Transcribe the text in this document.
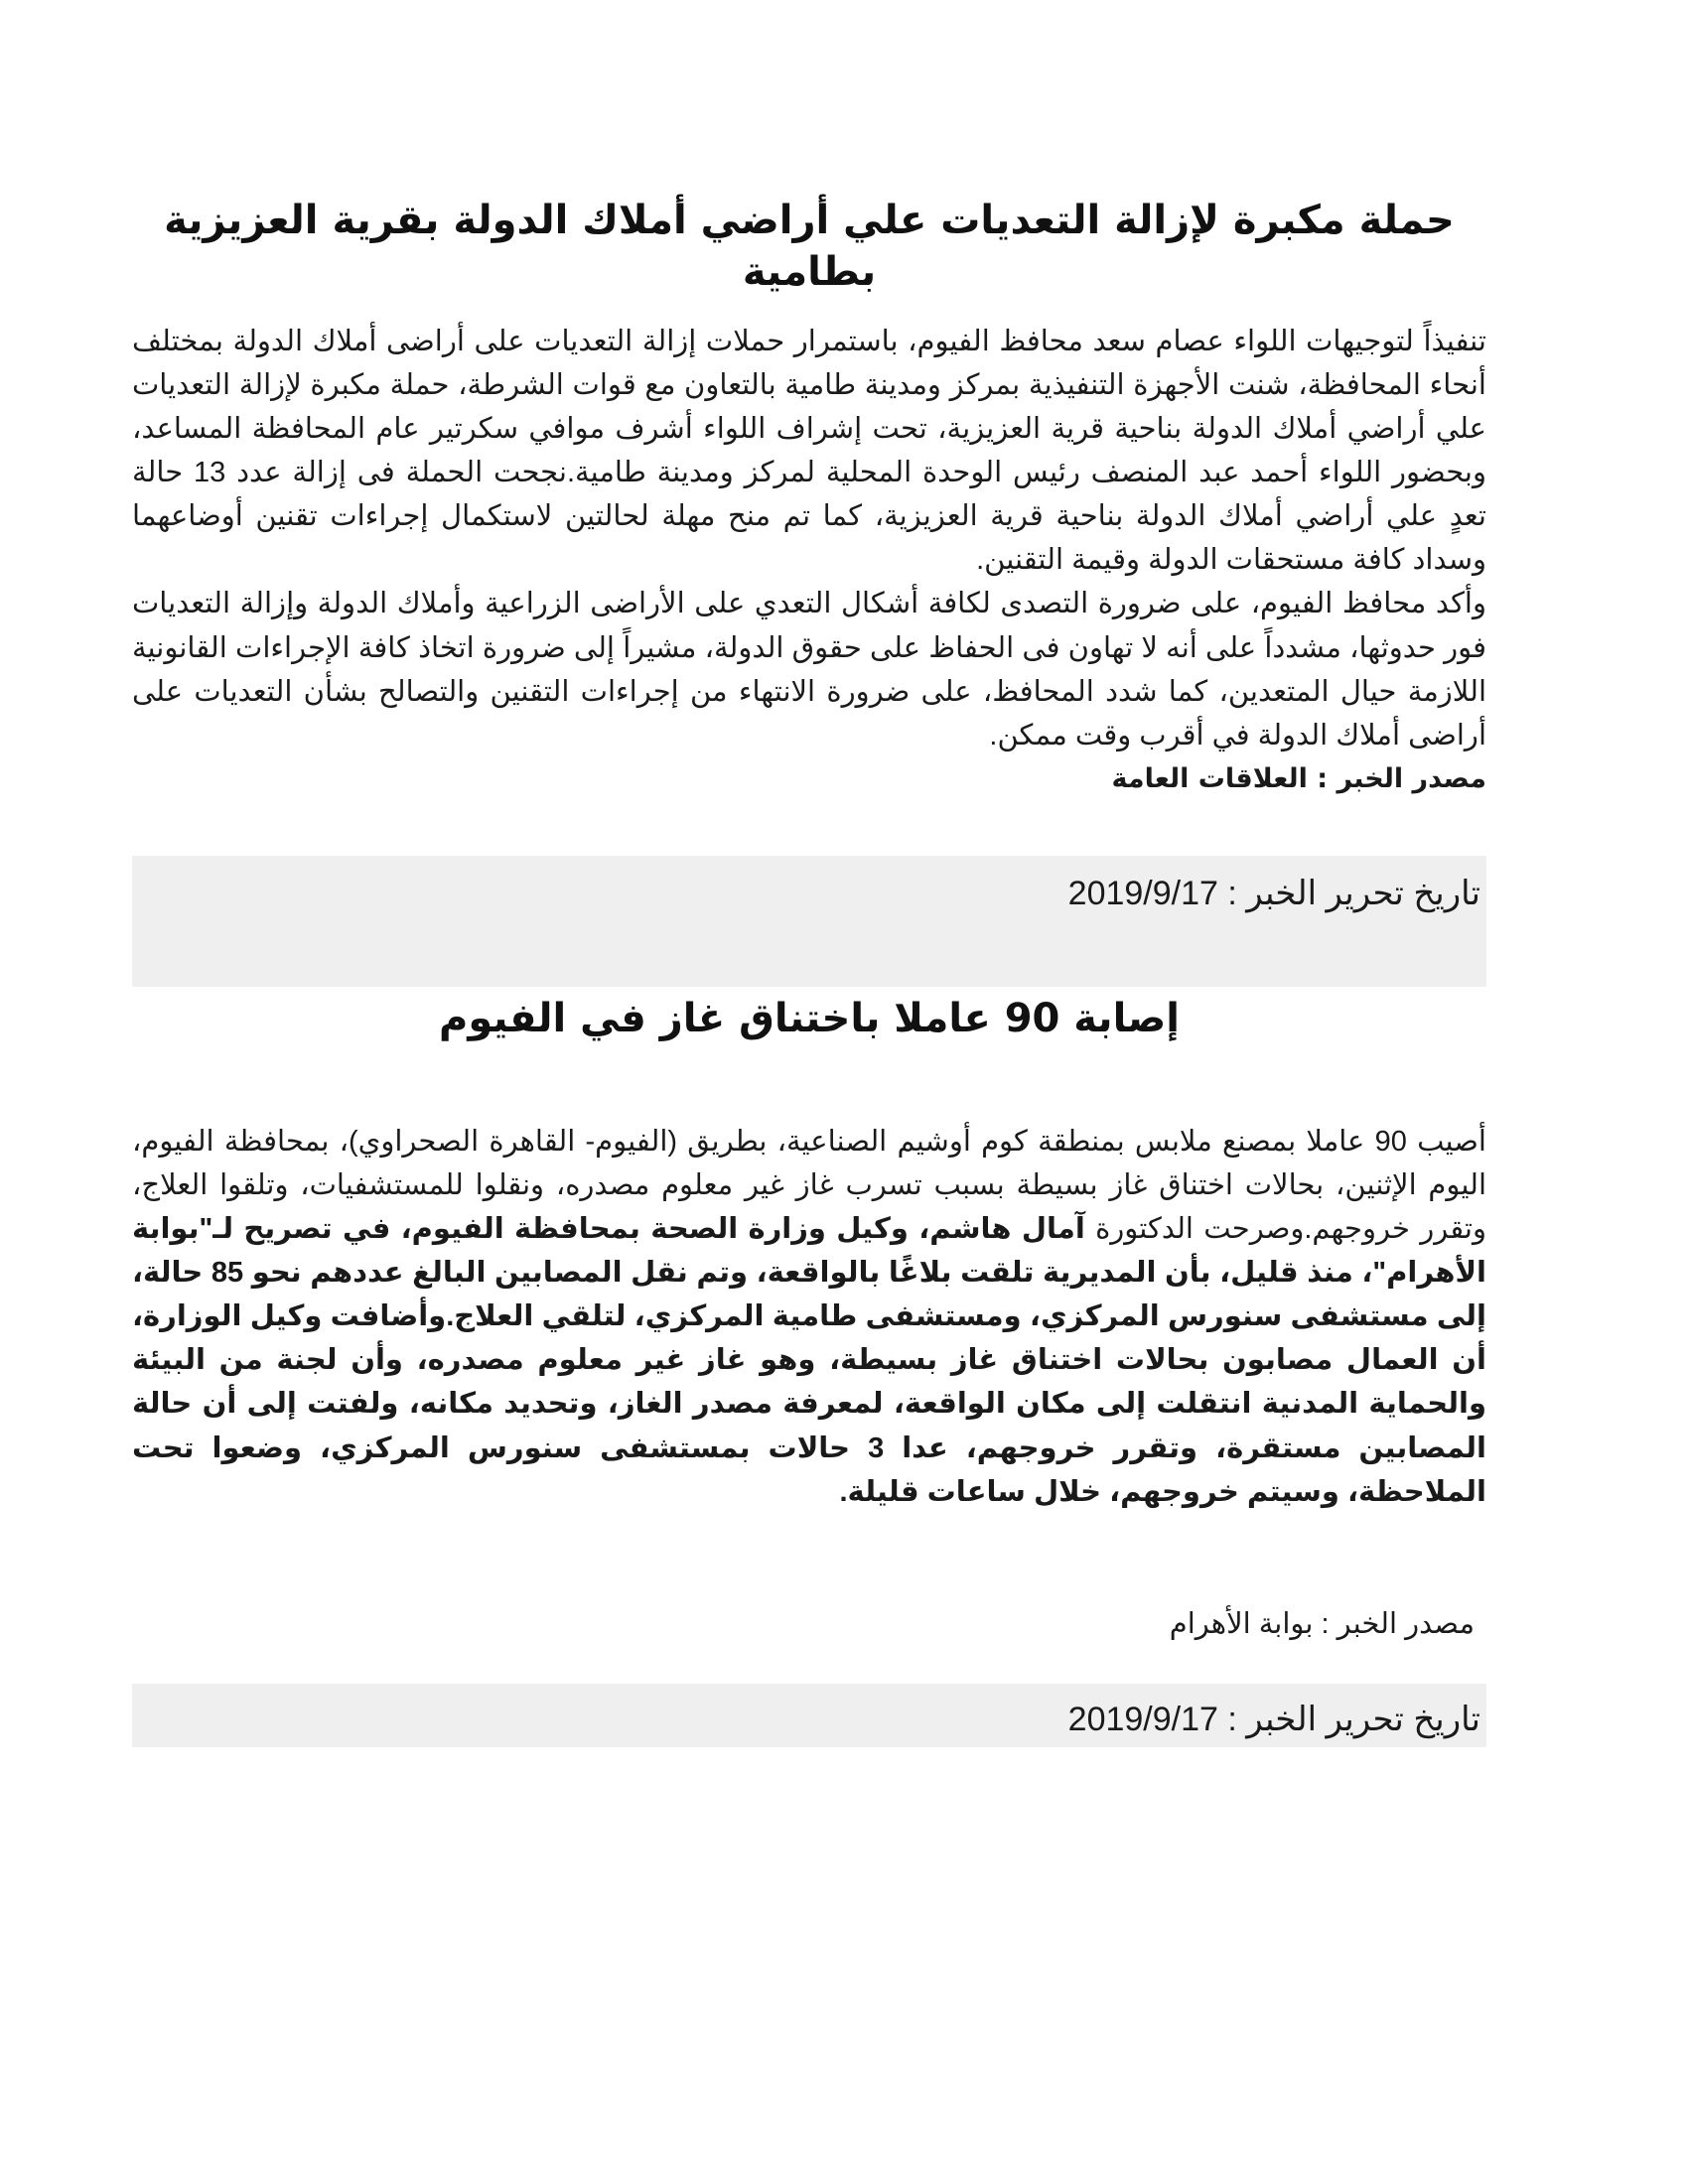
حملة مكبرة لإزالة التعديات علي أراضي أملاك الدولة بقرية العزيزية بطامية

تنفيذاً لتوجيهات اللواء عصام سعد محافظ الفيوم، باستمرار حملات إزالة التعديات على أراضى أملاك الدولة بمختلف أنحاء المحافظة، شنت الأجهزة التنفيذية بمركز ومدينة طامية بالتعاون مع قوات الشرطة، حملة مكبرة لإزالة التعديات علي أراضي أملاك الدولة بناحية قرية العزيزية، تحت إشراف اللواء أشرف موافي سكرتير عام المحافظة المساعد، وبحضور اللواء أحمد عبد المنصف رئيس الوحدة المحلية لمركز ومدينة طامية.نجحت الحملة فى إزالة عدد 13 حالة تعدٍ علي أراضي أملاك الدولة بناحية قرية العزيزية، كما تم منح مهلة لحالتين لاستكمال إجراءات تقنين أوضاعهما وسداد كافة مستحقات الدولة وقيمة التقنين.

وأكد محافظ الفيوم، على ضرورة التصدى لكافة أشكال التعدي على الأراضى الزراعية وأملاك الدولة وإزالة التعديات فور حدوثها، مشدداً على أنه لا تهاون فى الحفاظ على حقوق الدولة، مشيراً إلى ضرورة اتخاذ كافة الإجراءات القانونية اللازمة حيال المتعدين، كما شدد المحافظ، على ضرورة الانتهاء من إجراءات التقنين والتصالح بشأن التعديات على أراضى أملاك الدولة في أقرب وقت ممكن.

مصدر الخبر : العلاقات العامة

تاريخ تحرير الخبر : 2019/9/17
إصابة 90 عاملا باختناق غاز في الفيوم

أصيب 90 عاملا بمصنع ملابس بمنطقة كوم أوشيم الصناعية، بطريق (الفيوم- القاهرة الصحراوي)، بمحافظة الفيوم، اليوم الإثنين، بحالات اختناق غاز بسيطة بسبب تسرب غاز غير معلوم مصدره، ونقلوا للمستشفيات، وتلقوا العلاج، وتقرر خروجهم.وصرحت الدكتورة آمال هاشم، وكيل وزارة الصحة بمحافظة الفيوم، في تصريح لـ"بوابة الأهرام"، منذ قليل، بأن المديرية تلقت بلاغًا بالواقعة، وتم نقل المصابين البالغ عددهم نحو 85 حالة، إلى مستشفى سنورس المركزي، ومستشفى طامية المركزي، لتلقي العلاج.وأضافت وكيل الوزارة، أن العمال مصابون بحالات اختناق غاز بسيطة، وهو غاز غير معلوم مصدره، وأن لجنة من البيئة والحماية المدنية انتقلت إلى مكان الواقعة، لمعرفة مصدر الغاز، وتحديد مكانه، ولفتت إلى أن حالة المصابين مستقرة، وتقرر خروجهم، عدا 3 حالات بمستشفى سنورس المركزي، وضعوا تحت الملاحظة، وسيتم خروجهم، خلال ساعات قليلة.

مصدر الخبر : بوابة الأهرام

تاريخ تحرير الخبر : 2019/9/17
